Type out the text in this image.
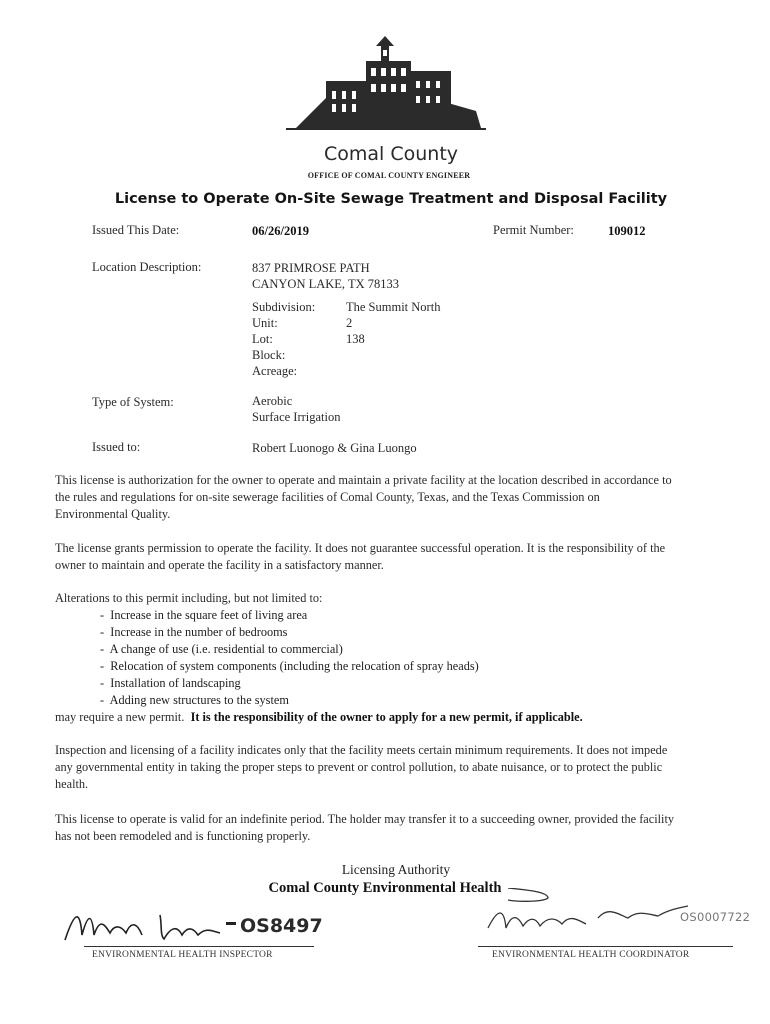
Comal County
OFFICE OF COMAL COUNTY ENGINEER
License to Operate On-Site Sewage Treatment and Disposal Facility
Issued This Date:	06/26/2019	Permit Number:	109012
Location Description:	837 PRIMROSE PATH
CANYON LAKE, TX 78133
Subdivision: The Summit North
Unit:	2
Lot:	138
Block:
Acreage:
Type of System:	Aerobic
Surface Irrigation
Issued to:	Robert Luonogo & Gina Luongo

This license is authorization for the owner to operate and maintain a private facility at the location described in accordance to the rules and regulations for on-site sewerage facilities of Comal County, Texas, and the Texas Commission on Environmental Quality.

The license grants permission to operate the facility. It does not guarantee successful operation. It is the responsibility of the owner to maintain and operate the facility in a satisfactory manner.

Alterations to this permit including, but not limited to:

-  Increase in the square feet of living area
-  Increase in the number of bedrooms
-  A change of use (i.e. residential to commercial)
-  Relocation of system components (including the relocation of spray heads)
-  Installation of landscaping
-  Adding new structures to the system

may require a new permit. It is the responsibility of the owner to apply for a new permit, if applicable.

Inspection and licensing of a facility indicates only that the facility meets certain minimum requirements. It does not impede any governmental entity in taking the proper steps to prevent or control pollution, to abate nuisance, or to protect the public health.

This license to operate is valid for an indefinite period. The holder may transfer it to a succeeding owner, provided the facility has not been remodeled and is functioning properly.

Licensing Authority
Comal County Environmental Health
OS8497
ENVIRONMENTAL HEALTH INSPECTOR
OS0007722
ENVIRONMENTAL HEALTH COORDINATOR
